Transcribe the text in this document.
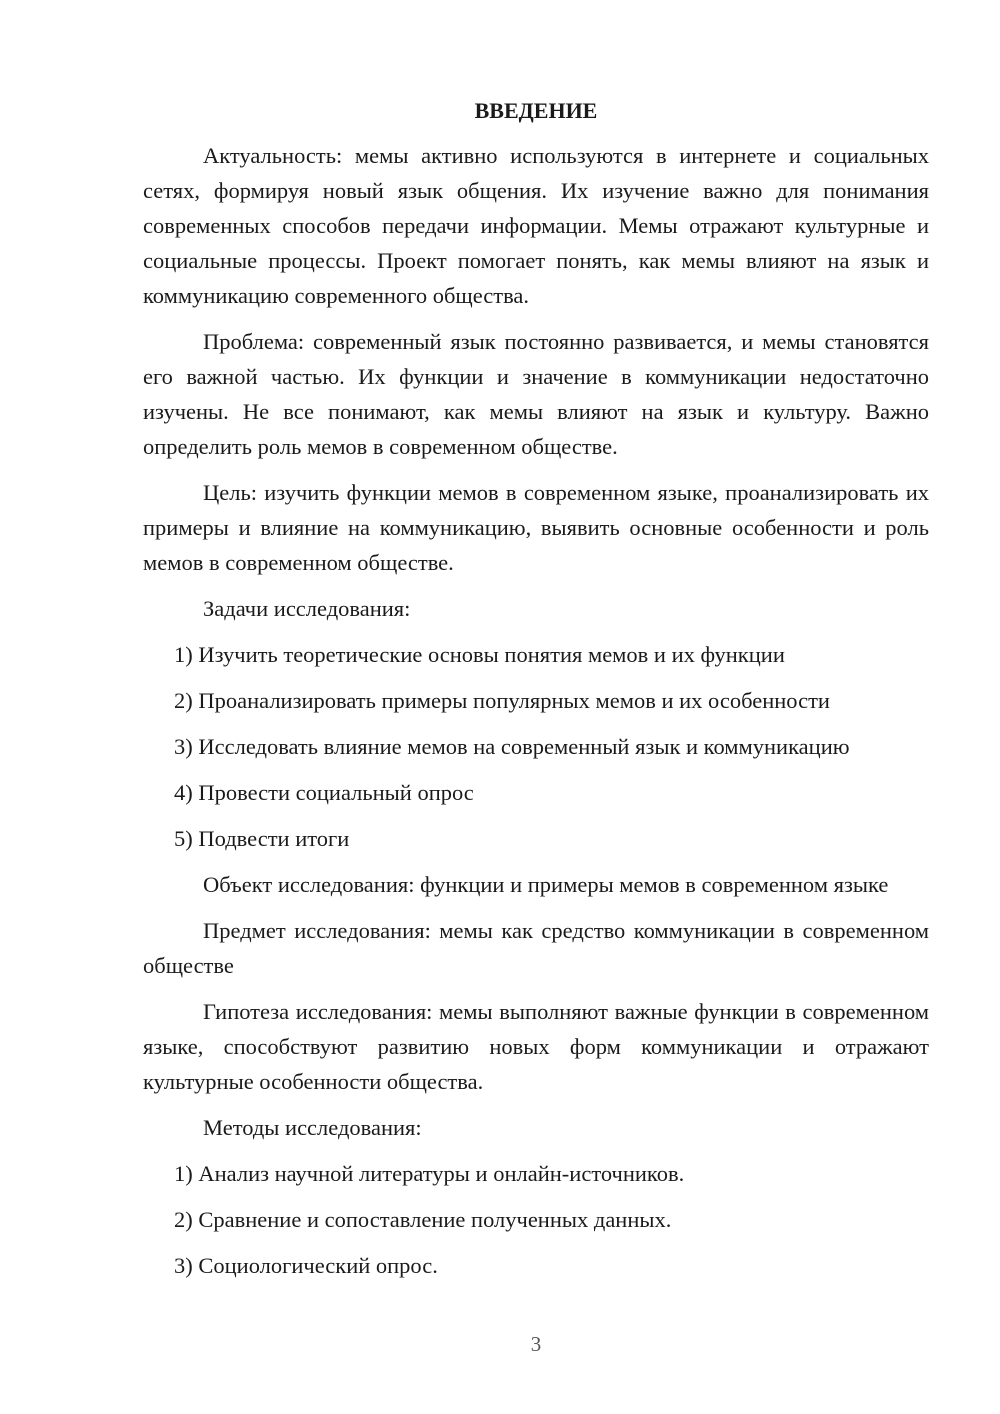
ВВЕДЕНИЕ

Актуальность: мемы активно используются в интернете и социальных сетях, формируя новый язык общения. Их изучение важно для понимания современных способов передачи информации. Мемы отражают культурные и социальные процессы. Проект помогает понять, как мемы влияют на язык и коммуникацию современного общества.

Проблема: современный язык постоянно развивается, и мемы становятся его важной частью. Их функции и значение в коммуникации недостаточно изучены. Не все понимают, как мемы влияют на язык и культуру. Важно определить роль мемов в современном обществе.

Цель: изучить функции мемов в современном языке, проанализировать их примеры и влияние на коммуникацию, выявить основные особенности и роль мемов в современном обществе.

Задачи исследования:

1) Изучить теоретические основы понятия мемов и их функции

2) Проанализировать примеры популярных мемов и их особенности

3) Исследовать влияние мемов на современный язык и коммуникацию

4) Провести социальный опрос

5) Подвести итоги

Объект исследования: функции и примеры мемов в современном языке

Предмет исследования: мемы как средство коммуникации в современном обществе

Гипотеза исследования: мемы выполняют важные функции в современном языке, способствуют развитию новых форм коммуникации и отражают культурные особенности общества.

Методы исследования:

1) Анализ научной литературы и онлайн-источников.

2) Сравнение и сопоставление полученных данных.

3) Социологический опрос.

3
